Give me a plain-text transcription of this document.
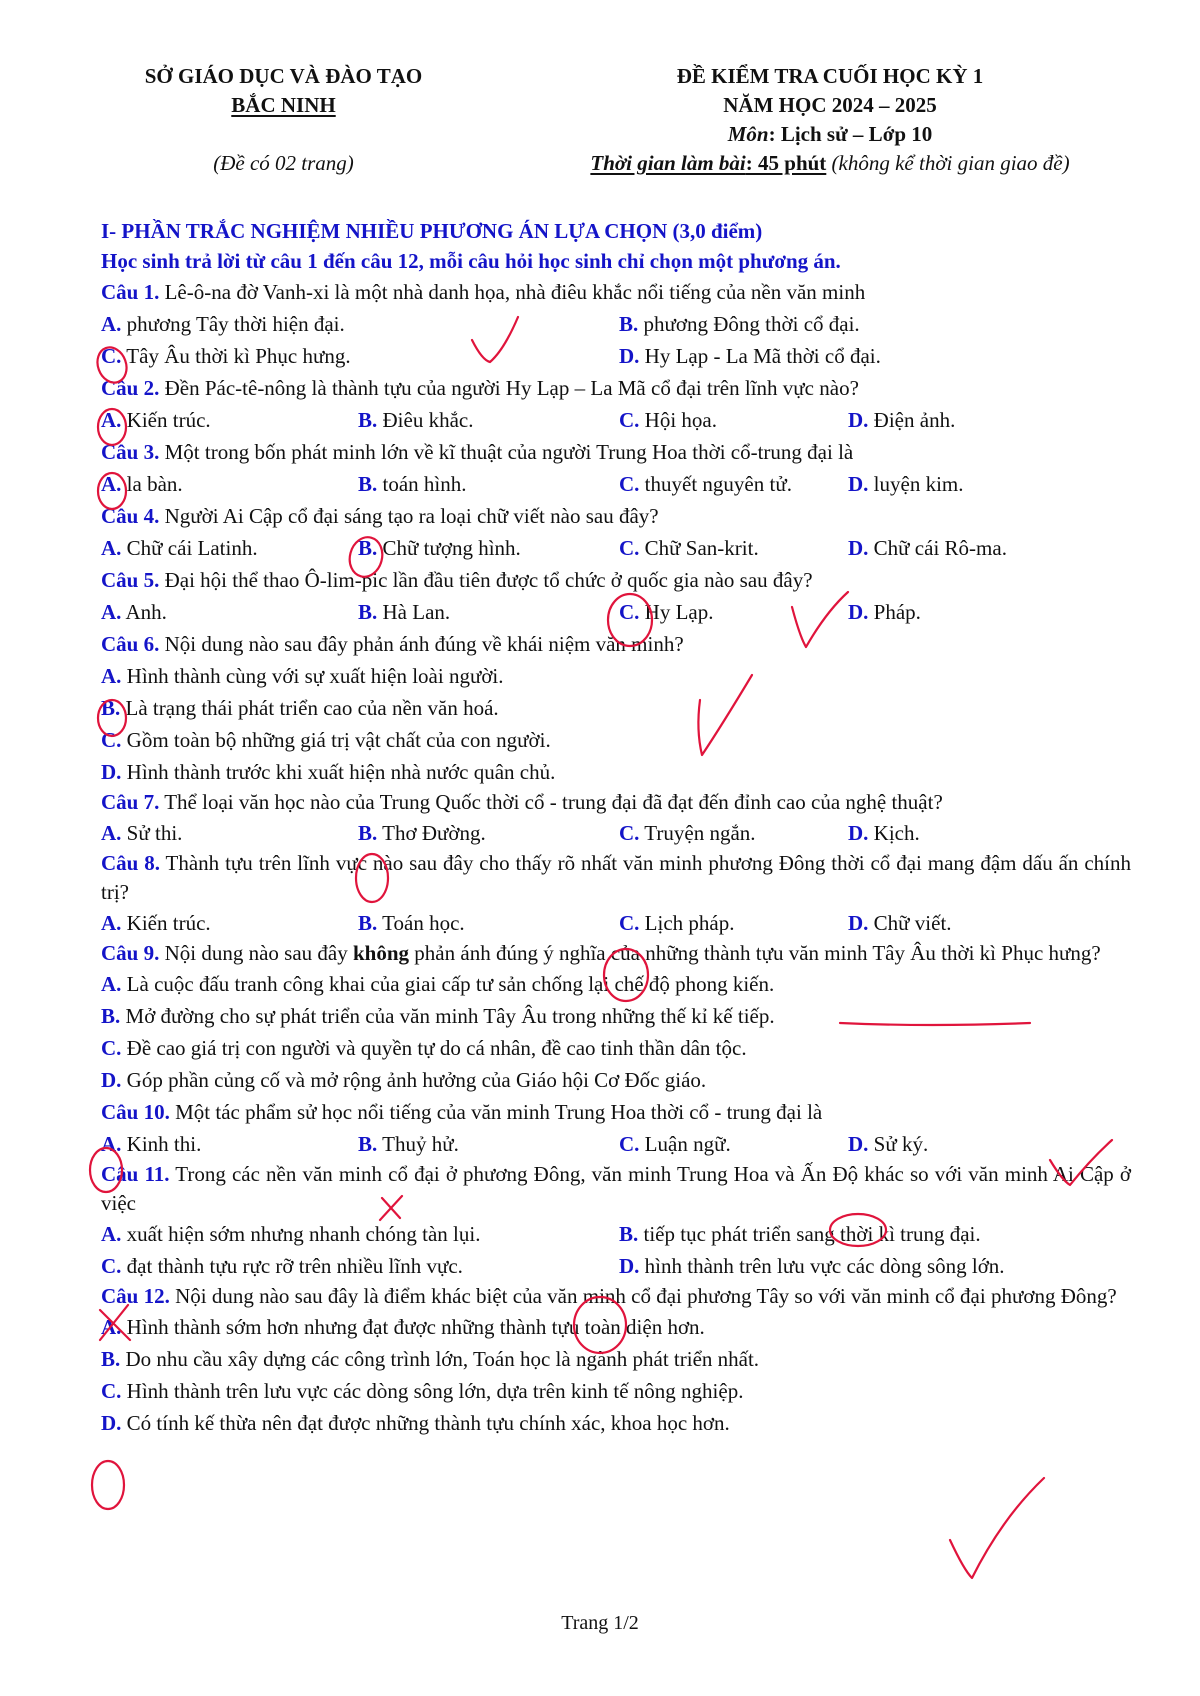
SỞ GIÁO DỤC VÀ ĐÀO TẠO
BẮC NINH
(Đề có 02 trang)
ĐỀ KIỂM TRA CUỐI HỌC KỲ 1
NĂM HỌC 2024 – 2025
Môn: Lịch sử – Lớp 10
Thời gian làm bài: 45 phút (không kể thời gian giao đề)
I- PHẦN TRẮC NGHIỆM NHIỀU PHƯƠNG ÁN LỰA CHỌN (3,0 điểm)
Học sinh trả lời từ câu 1 đến câu 12, mỗi câu hỏi học sinh chỉ chọn một phương án.
Câu 1. Lê-ô-na đờ Vanh-xi là một nhà danh họa, nhà điêu khắc nổi tiếng của nền văn minh
A. phương Tây thời hiện đại.	B. phương Đông thời cổ đại.
C. Tây Âu thời kì Phục hưng.	D. Hy Lạp - La Mã thời cổ đại.
Câu 2. Đền Pác-tê-nông là thành tựu của người Hy Lạp – La Mã cổ đại trên lĩnh vực nào?
A. Kiến trúc.	B. Điêu khắc.	C. Hội họa.	D. Điện ảnh.
Câu 3. Một trong bốn phát minh lớn về kĩ thuật của người Trung Hoa thời cổ-trung đại là
A. la bàn.	B. toán hình.	C. thuyết nguyên tử.	D. luyện kim.
Câu 4. Người Ai Cập cổ đại sáng tạo ra loại chữ viết nào sau đây?
A. Chữ cái Latinh.	B. Chữ tượng hình.	C. Chữ San-krit.	D. Chữ cái Rô-ma.
Câu 5. Đại hội thể thao Ô-lim-pic lần đầu tiên được tổ chức ở quốc gia nào sau đây?
A. Anh.	B. Hà Lan.	C. Hy Lạp.	D. Pháp.
Câu 6. Nội dung nào sau đây phản ánh đúng về khái niệm văn minh?
A. Hình thành cùng với sự xuất hiện loài người.
B. Là trạng thái phát triển cao của nền văn hoá.
C. Gồm toàn bộ những giá trị vật chất của con người.
D. Hình thành trước khi xuất hiện nhà nước quân chủ.
Câu 7. Thể loại văn học nào của Trung Quốc thời cổ - trung đại đã đạt đến đỉnh cao của nghệ thuật?
A. Sử thi.	B. Thơ Đường.	C. Truyện ngắn.	D. Kịch.
Câu 8. Thành tựu trên lĩnh vực nào sau đây cho thấy rõ nhất văn minh phương Đông thời cổ đại mang đậm dấu ấn chính trị?
A. Kiến trúc.	B. Toán học.	C. Lịch pháp.	D. Chữ viết.
Câu 9. Nội dung nào sau đây không phản ánh đúng ý nghĩa của những thành tựu văn minh Tây Âu thời kì Phục hưng?
A. Là cuộc đấu tranh công khai của giai cấp tư sản chống lại chế độ phong kiến.
B. Mở đường cho sự phát triển của văn minh Tây Âu trong những thế kỉ kế tiếp.
C. Đề cao giá trị con người và quyền tự do cá nhân, đề cao tinh thần dân tộc.
D. Góp phần củng cố và mở rộng ảnh hưởng của Giáo hội Cơ Đốc giáo.
Câu 10. Một tác phẩm sử học nổi tiếng của văn minh Trung Hoa thời cổ - trung đại là
A. Kinh thi.	B. Thuỷ hử.	C. Luận ngữ.	D. Sử ký.
Câu 11. Trong các nền văn minh cổ đại ở phương Đông, văn minh Trung Hoa và Ấn Độ khác so với văn minh Ai Cập ở việc
A. xuất hiện sớm nhưng nhanh chóng tàn lụi.	B. tiếp tục phát triển sang thời kì trung đại.
C. đạt thành tựu rực rỡ trên nhiều lĩnh vực.	D. hình thành trên lưu vực các dòng sông lớn.
Câu 12. Nội dung nào sau đây là điểm khác biệt của văn minh cổ đại phương Tây so với văn minh cổ đại phương Đông?
A. Hình thành sớm hơn nhưng đạt được những thành tựu toàn diện hơn.
B. Do nhu cầu xây dựng các công trình lớn, Toán học là ngành phát triển nhất.
C. Hình thành trên lưu vực các dòng sông lớn, dựa trên kinh tế nông nghiệp.
D. Có tính kế thừa nên đạt được những thành tựu chính xác, khoa học hơn.
Trang 1/2
